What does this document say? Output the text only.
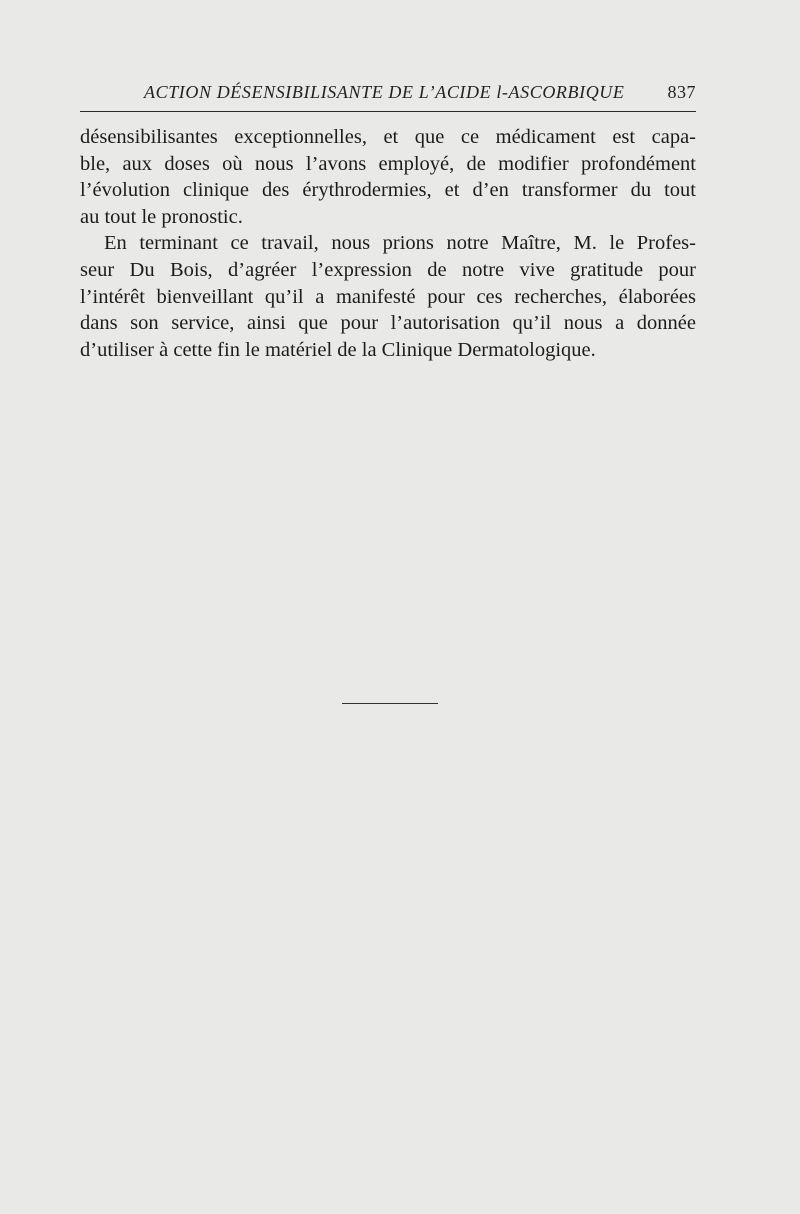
ACTION DÉSENSIBILISANTE DE L’ACIDE l-ASCORBIQUE 837

désensibilisantes exceptionnelles, et que ce médicament est capa-
ble, aux doses où nous l’avons employé, de modifier profondément
l’évolution clinique des érythrodermies, et d’en transformer du tout
au tout le pronostic.

En terminant ce travail, nous prions notre Maître, M. le Profes-
seur Du Bois, d’agréer l’expression de notre vive gratitude pour
l’intérêt bienveillant qu’il a manifesté pour ces recherches, élaborées
dans son service, ainsi que pour l’autorisation qu’il nous a donnée
d’utiliser à cette fin le matériel de la Clinique Dermatologique.
